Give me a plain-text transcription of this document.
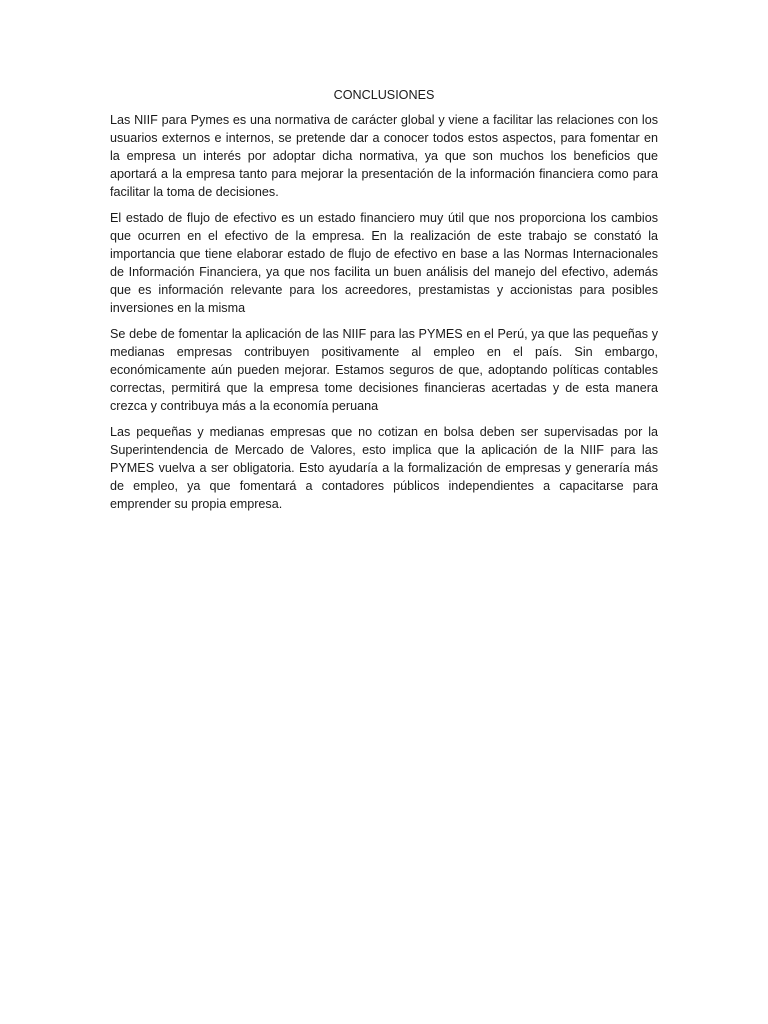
CONCLUSIONES

Las NIIF para Pymes es una normativa de carácter global y viene a facilitar las relaciones con los usuarios externos e internos, se pretende dar a conocer todos estos aspectos, para fomentar en la empresa un interés por adoptar dicha normativa, ya que son muchos los beneficios que aportará a la empresa tanto para mejorar la presentación de la información financiera como para facilitar la toma de decisiones.

El estado de flujo de efectivo es un estado financiero muy útil que nos proporciona los cambios que ocurren en el efectivo de la empresa. En la realización de este trabajo se constató la importancia que tiene elaborar estado de flujo de efectivo en base a las Normas Internacionales de Información Financiera, ya que nos facilita un buen análisis del manejo del efectivo, además que es información relevante para los acreedores, prestamistas y accionistas para posibles inversiones en la misma

Se debe de fomentar la aplicación de las NIIF para las PYMES en el Perú, ya que las pequeñas y medianas empresas contribuyen positivamente al empleo en el país. Sin embargo, económicamente aún pueden mejorar. Estamos seguros de que, adoptando políticas contables correctas, permitirá que la empresa tome decisiones financieras acertadas y de esta manera crezca y contribuya más a la economía peruana

Las pequeñas y medianas empresas que no cotizan en bolsa deben ser supervisadas por la Superintendencia de Mercado de Valores, esto implica que la aplicación de la NIIF para las PYMES vuelva a ser obligatoria. Esto ayudaría a la formalización de empresas y generaría más de empleo, ya que fomentará a contadores públicos independientes a capacitarse para emprender su propia empresa.
